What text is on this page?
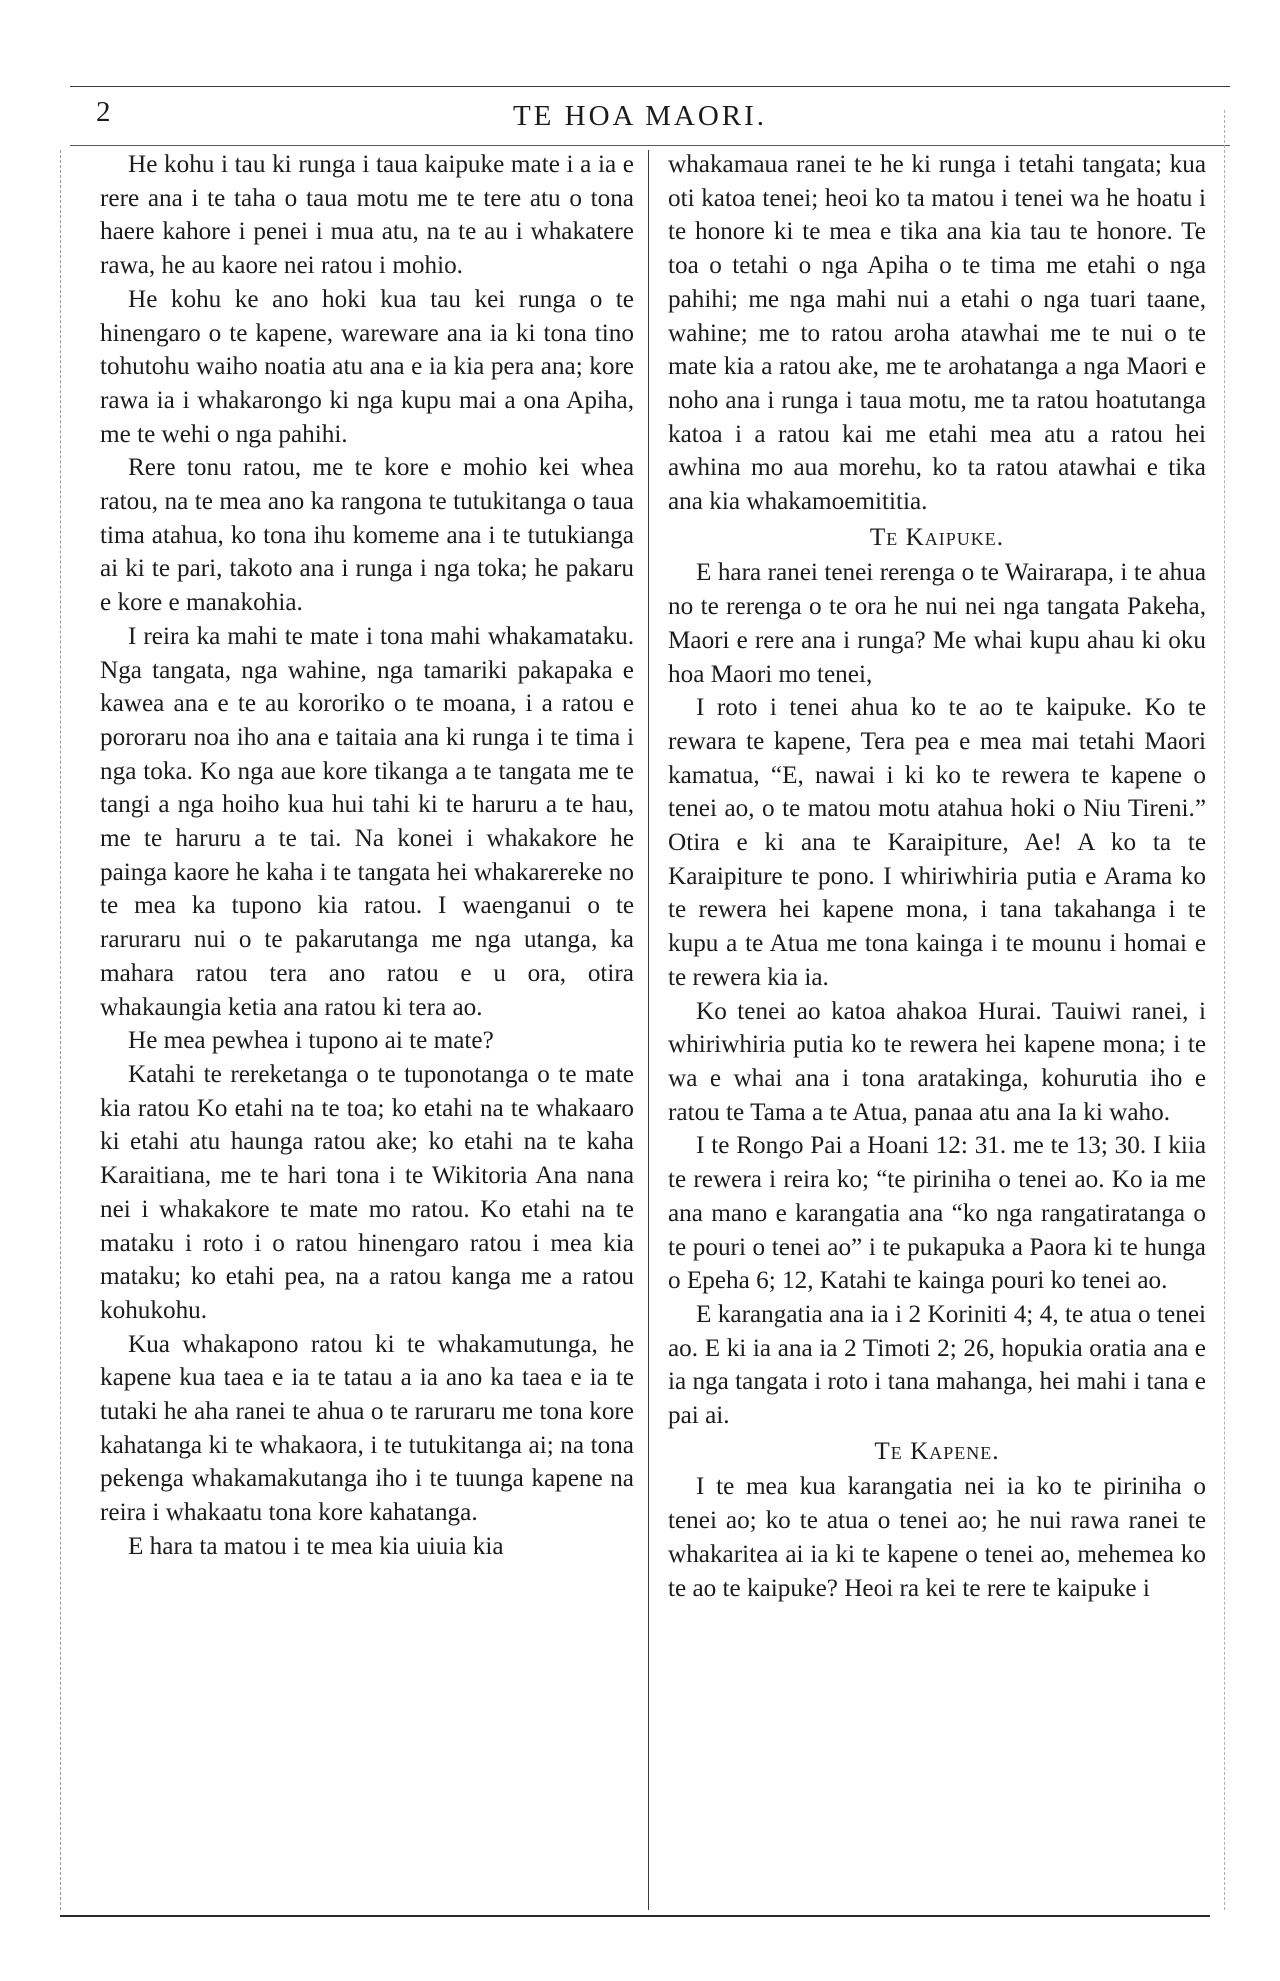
2	TE HOA MAORI.

He kohu i tau ki runga i taua kaipuke mate i a ia e rere ana i te taha o taua motu me te tere atu o tona haere kahore i penei i mua atu, na te au i whakatere rawa, he au kaore nei ratou i mohio.

He kohu ke ano hoki kua tau kei runga o te hinengaro o te kapene, wareware ana ia ki tona tino tohutohu waiho noatia atu ana e ia kia pera ana; kore rawa ia i whakarongo ki nga kupu mai a ona Apiha, me te wehi o nga pahihi.

Rere tonu ratou, me te kore e mohio kei whea ratou, na te mea ano ka rangona te tutukitanga o taua tima atahua, ko tona ihu komeme ana i te tutukianga ai ki te pari, takoto ana i runga i nga toka; he pakaru e kore e manakohia.

I reira ka mahi te mate i tona mahi whakamataku. Nga tangata, nga wahine, nga tamariki pakapaka e kawea ana e te au kororiko o te moana, i a ratou e pororaru noa iho ana e taitaia ana ki runga i te tima i nga toka. Ko nga aue kore tikanga a te tangata me te tangi a nga hoiho kua hui tahi ki te haruru a te hau, me te haruru a te tai. Na konei i whakakore he painga kaore he kaha i te tangata hei whakarereke no te mea ka tupono kia ratou. I waenganui o te raruraru nui o te pakarutanga me nga utanga, ka mahara ratou tera ano ratou e u ora, otira whakaungia ketia ana ratou ki tera ao.

He mea pewhea i tupono ai te mate?

Katahi te rereketanga o te tuponotanga o te mate kia ratou Ko etahi na te toa; ko etahi na te whakaaro ki etahi atu haunga ratou ake; ko etahi na te kaha Karaitiana, me te hari tona i te Wikitoria Ana nana nei i whakakore te mate mo ratou. Ko etahi na te mataku i roto i o ratou hinengaro ratou i mea kia mataku; ko etahi pea, na a ratou kanga me a ratou kohukohu.

Kua whakapono ratou ki te whakamutunga, he kapene kua taea e ia te tatau a ia ano ka taea e ia te tutaki he aha ranei te ahua o te raruraru me tona kore kahatanga ki te whakaora, i te tutukitanga ai; na tona pekenga whakamakutanga iho i te tuunga kapene na reira i whakaatu tona kore kahatanga.

E hara ta matou i te mea kia uiuia kia

whakamaua ranei te he ki runga i tetahi tangata; kua oti katoa tenei; heoi ko ta matou i tenei wa he hoatu i te honore ki te mea e tika ana kia tau te honore. Te toa o tetahi o nga Apiha o te tima me etahi o nga pahihi; me nga mahi nui a etahi o nga tuari taane, wahine; me to ratou aroha atawhai me te nui o te mate kia a ratou ake, me te arohatanga a nga Maori e noho ana i runga i taua motu, me ta ratou hoatutanga katoa i a ratou kai me etahi mea atu a ratou hei awhina mo aua morehu, ko ta ratou atawhai e tika ana kia whakamoemititia.

Te Kaipuke.

E hara ranei tenei rerenga o te Wairarapa, i te ahua no te rerenga o te ora he nui nei nga tangata Pakeha, Maori e rere ana i runga? Me whai kupu ahau ki oku hoa Maori mo tenei,

I roto i tenei ahua ko te ao te kaipuke. Ko te rewara te kapene, Tera pea e mea mai tetahi Maori kamatua, “E, nawai i ki ko te rewera te kapene o tenei ao, o te matou motu atahua hoki o Niu Tireni.” Otira e ki ana te Karaipiture, Ae! A ko ta te Karaipiture te pono. I whiriwhiria putia e Arama ko te rewera hei kapene mona, i tana takahanga i te kupu a te Atua me tona kainga i te mounu i homai e te rewera kia ia.

Ko tenei ao katoa ahakoa Hurai. Tauiwi ranei, i whiriwhiria putia ko te rewera hei kapene mona; i te wa e whai ana i tona aratakinga, kohurutia iho e ratou te Tama a te Atua, panaa atu ana Ia ki waho.

I te Rongo Pai a Hoani 12: 31. me te 13; 30. I kiia te rewera i reira ko; “te piriniha o tenei ao. Ko ia me ana mano e karangatia ana “ko nga rangatiratanga o te pouri o tenei ao” i te pukapuka a Paora ki te hunga o Epeha 6; 12, Katahi te kainga pouri ko tenei ao.

E karangatia ana ia i 2 Koriniti 4; 4, te atua o tenei ao. E ki ia ana ia 2 Timoti 2; 26, hopukia oratia ana e ia nga tangata i roto i tana mahanga, hei mahi i tana e pai ai.

Te Kapene.

I te mea kua karangatia nei ia ko te piriniha o tenei ao; ko te atua o tenei ao; he nui rawa ranei te whakaritea ai ia ki te kapene o tenei ao, mehemea ko te ao te kaipuke? Heoi ra kei te rere te kaipuke i
